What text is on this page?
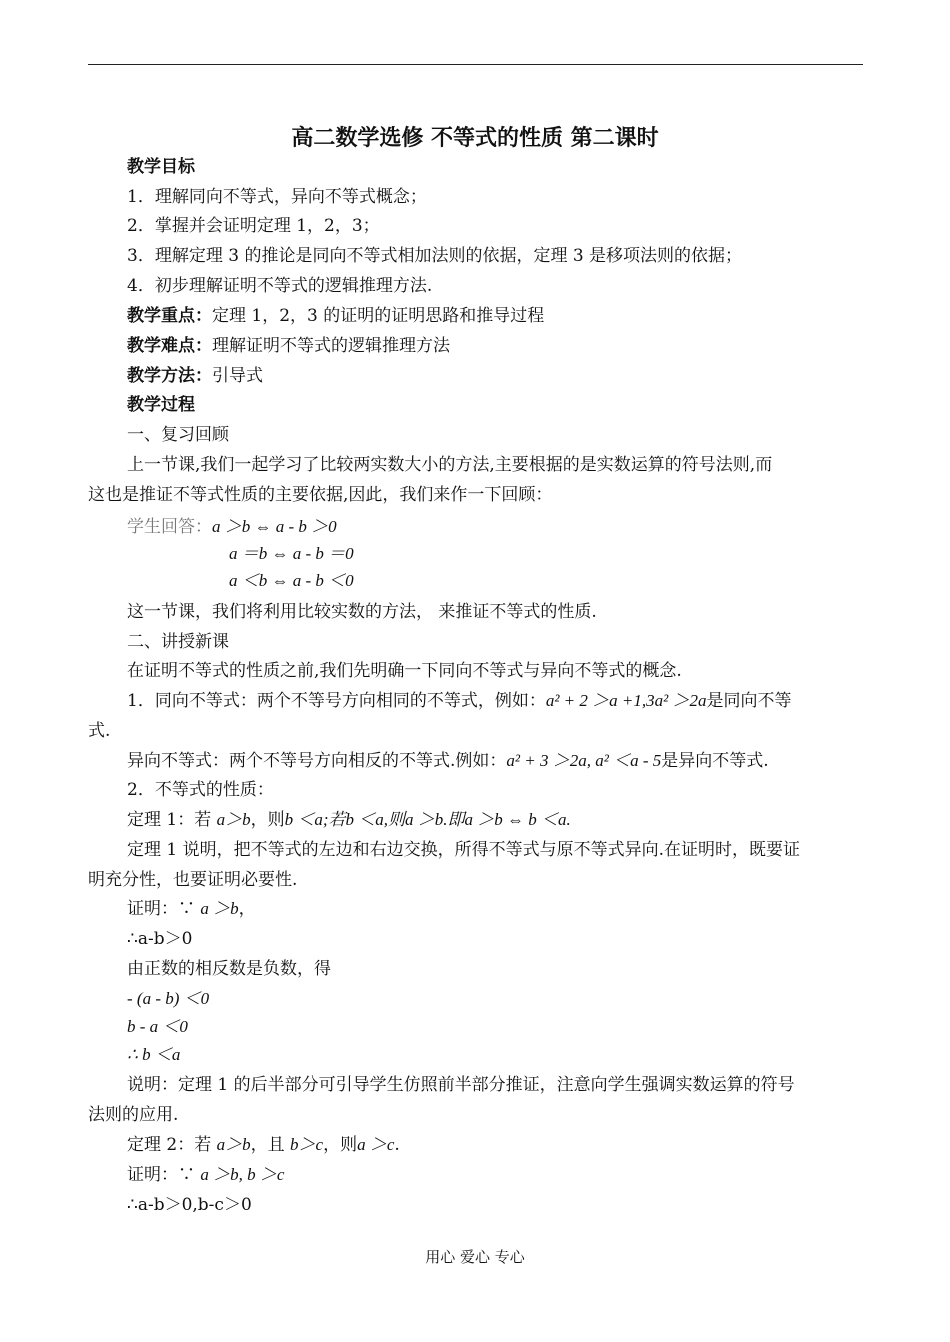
高二数学选修 不等式的性质 第二课时
教学目标
1．理解同向不等式，异向不等式概念；
2．掌握并会证明定理 1，2，3；
3．理解定理 3 的推论是同向不等式相加法则的依据，定理 3 是移项法则的依据；
4．初步理解证明不等式的逻辑推理方法.
教学重点：定理 1，2，3 的证明的证明思路和推导过程
教学难点：理解证明不等式的逻辑推理方法
教学方法：引导式
教学过程
一、复习回顾
上一节课,我们一起学习了比较两实数大小的方法,主要根据的是实数运算的符号法则,而
这也是推证不等式性质的主要依据,因此，我们来作一下回顾：
学生回答：a ＞b ⇔ a - b ＞0
a ＝b ⇔ a - b ＝0
a ＜b ⇔ a - b ＜0
这一节课，我们将利用比较实数的方法， 来推证不等式的性质.
二、讲授新课
在证明不等式的性质之前,我们先明确一下同向不等式与异向不等式的概念.
1．同向不等式：两个不等号方向相同的不等式，例如：a² + 2 ＞a +1,3a² ＞2a是同向不等
式.
异向不等式：两个不等号方向相反的不等式.例如：a² + 3 ＞2a, a² ＜a - 5是异向不等式.
2．不等式的性质：
定理 1：若 a＞b，则b ＜a;若b ＜a,则a ＞b.即a ＞b ⇔ b ＜a.
定理 1 说明，把不等式的左边和右边交换，所得不等式与原不等式异向.在证明时，既要证
明充分性，也要证明必要性.
证明：∵ a ＞b，
∴a-b＞0
由正数的相反数是负数，得
- (a - b) ＜0
b - a ＜0
∴ b ＜a
说明：定理 1 的后半部分可引导学生仿照前半部分推证，注意向学生强调实数运算的符号
法则的应用.
定理 2：若 a＞b，且 b＞c，则a ＞c.
证明：∵ a ＞b, b ＞c
∴a-b＞0,b-c＞0
用心 爱心 专心
